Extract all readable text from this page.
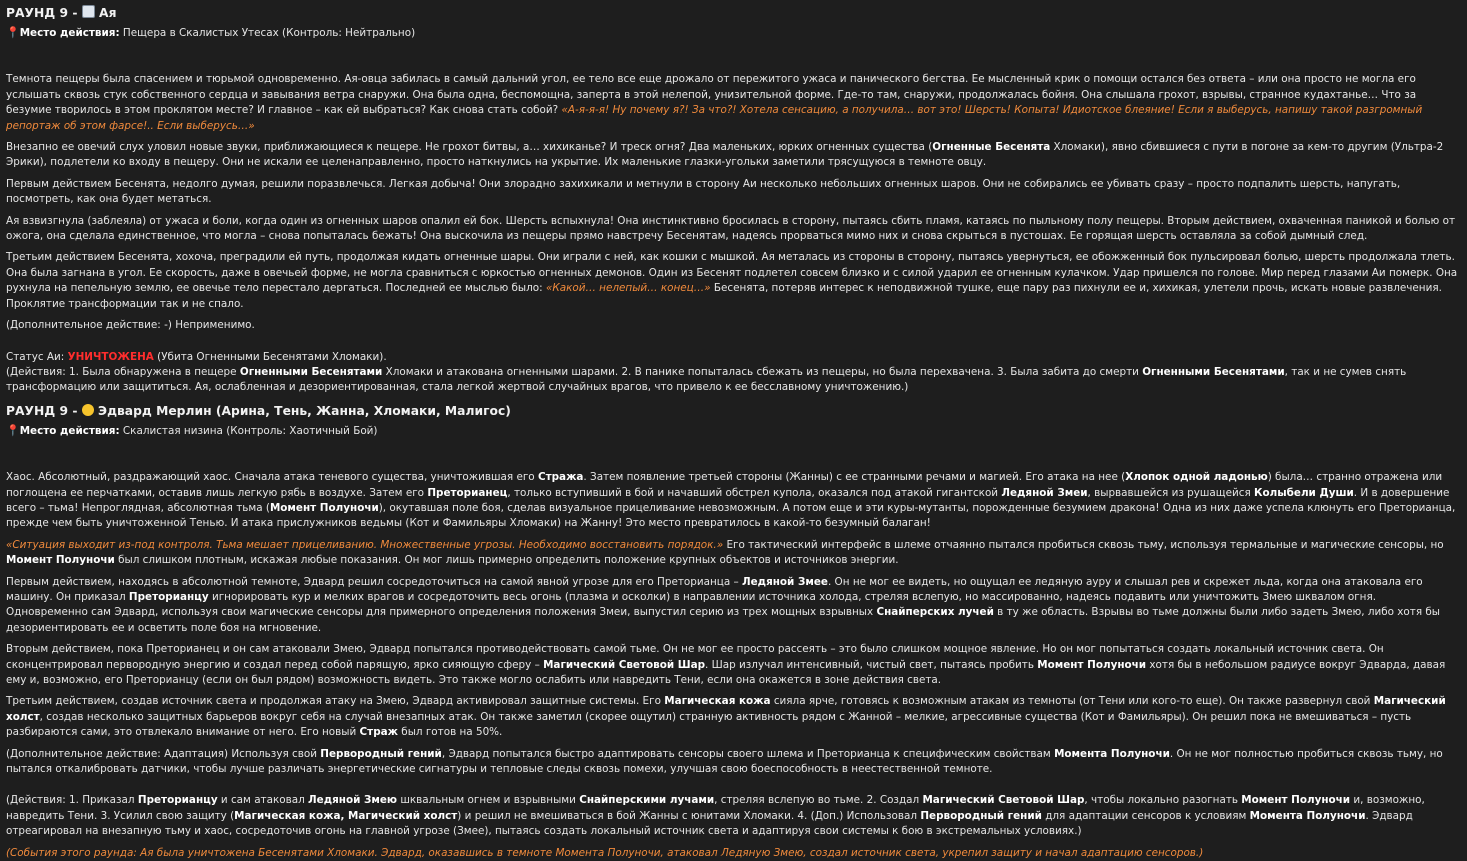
РАУНД 9 -  Ая
📍Место действия: Пещера в Скалистых Утесах (Контроль: Нейтрально)

Темнота пещеры была спасением и тюрьмой одновременно. Ая-овца забилась в самый дальний угол, ее тело все еще дрожало от пережитого ужаса и панического бегства. Ее мысленный крик о помощи остался без ответа – или она просто не могла его услышать сквозь стук собственного сердца и завывания ветра снаружи. Она была одна, беспомощна, заперта в этой нелепой, унизительной форме. Где-то там, снаружи, продолжалась бойня. Она слышала грохот, взрывы, странное кудахтанье… Что за безумие творилось в этом проклятом месте? И главное – как ей выбраться? Как снова стать собой? «А-я-я-я! Ну почему я?! За что?! Хотела сенсацию, а получила… вот это! Шерсть! Копыта! Идиотское блеяние! Если я выберусь, напишу такой разгромный репортаж об этом фарсе!.. Если выберусь…»

Внезапно ее овечий слух уловил новые звуки, приближающиеся к пещере. Не грохот битвы, а… хихиканье? И треск огня? Два маленьких, юрких огненных существа (Огненные Бесенята Хломаки), явно сбившиеся с пути в погоне за кем-то другим (Ультра-2 Эрики), подлетели ко входу в пещеру. Они не искали ее целенаправленно, просто наткнулись на укрытие. Их маленькие глазки-угольки заметили трясущуюся в темноте овцу.

Первым действием Бесенята, недолго думая, решили поразвлечься. Легкая добыча! Они злорадно захихикали и метнули в сторону Аи несколько небольших огненных шаров. Они не собирались ее убивать сразу – просто подпалить шерсть, напугать, посмотреть, как она будет метаться.

Ая взвизгнула (заблеяла) от ужаса и боли, когда один из огненных шаров опалил ей бок. Шерсть вспыхнула! Она инстинктивно бросилась в сторону, пытаясь сбить пламя, катаясь по пыльному полу пещеры. Вторым действием, охваченная паникой и болью от ожога, она сделала единственное, что могла – снова попыталась бежать! Она выскочила из пещеры прямо навстречу Бесенятам, надеясь прорваться мимо них и снова скрыться в пустошах. Ее горящая шерсть оставляла за собой дымный след.

Третьим действием Бесенята, хохоча, преградили ей путь, продолжая кидать огненные шары. Они играли с ней, как кошки с мышкой. Ая металась из стороны в сторону, пытаясь увернуться, ее обожженный бок пульсировал болью, шерсть продолжала тлеть. Она была загнана в угол. Ее скорость, даже в овечьей форме, не могла сравниться с юркостью огненных демонов. Один из Бесенят подлетел совсем близко и с силой ударил ее огненным кулачком. Удар пришелся по голове. Мир перед глазами Аи померк. Она рухнула на пепельную землю, ее овечье тело перестало дергаться. Последней ее мыслью было: «Какой… нелепый… конец…» Бесенята, потеряв интерес к неподвижной тушке, еще пару раз пихнули ее и, хихикая, улетели прочь, искать новые развлечения. Проклятие трансформации так и не спало.

(Дополнительное действие: -) Неприменимо.

Статус Аи: УНИЧТОЖЕНА (Убита Огненными Бесенятами Хломаки).

(Действия: 1. Была обнаружена в пещере Огненными Бесенятами Хломаки и атакована огненными шарами. 2. В панике попыталась сбежать из пещеры, но была перехвачена. 3. Была забита до смерти Огненными Бесенятами, так и не сумев снять трансформацию или защититься. Ая, ослабленная и дезориентированная, стала легкой жертвой случайных врагов, что привело к ее бесславному уничтожению.)

РАУНД 9 -  Эдвард Мерлин (Арина, Тень, Жанна, Хломаки, Малигос)
📍Место действия: Скалистая низина (Контроль: Хаотичный Бой)

Хаос. Абсолютный, раздражающий хаос. Сначала атака теневого существа, уничтожившая его Стража. Затем появление третьей стороны (Жанны) с ее странными речами и магией. Его атака на нее (Хлопок одной ладонью) была… странно отражена или поглощена ее перчатками, оставив лишь легкую рябь в воздухе. Затем его Преторианец, только вступивший в бой и начавший обстрел купола, оказался под атакой гигантской Ледяной Змеи, вырвавшейся из рушащейся Колыбели Души. И в довершение всего – тьма! Непроглядная, абсолютная тьма (Момент Полуночи), окутавшая поле боя, сделав визуальное прицеливание невозможным. А потом еще и эти куры-мутанты, порожденные безумием дракона! Одна из них даже успела клюнуть его Преторианца, прежде чем быть уничтоженной Тенью. И атака прислужников ведьмы (Кот и Фамильяры Хломаки) на Жанну! Это место превратилось в какой-то безумный балаган!

«Ситуация выходит из-под контроля. Тьма мешает прицеливанию. Множественные угрозы. Необходимо восстановить порядок.» Его тактический интерфейс в шлеме отчаянно пытался пробиться сквозь тьму, используя термальные и магические сенсоры, но Момент Полуночи был слишком плотным, искажая любые показания. Он мог лишь примерно определить положение крупных объектов и источников энергии.

Первым действием, находясь в абсолютной темноте, Эдвард решил сосредоточиться на самой явной угрозе для его Преторианца – Ледяной Змее. Он не мог ее видеть, но ощущал ее ледяную ауру и слышал рев и скрежет льда, когда она атаковала его машину. Он приказал Преторианцу игнорировать кур и мелких врагов и сосредоточить весь огонь (плазма и осколки) в направлении источника холода, стреляя вслепую, но массированно, надеясь подавить или уничтожить Змею шквалом огня. Одновременно сам Эдвард, используя свои магические сенсоры для примерного определения положения Змеи, выпустил серию из трех мощных взрывных Снайперских лучей в ту же область. Взрывы во тьме должны были либо задеть Змею, либо хотя бы дезориентировать ее и осветить поле боя на мгновение.

Вторым действием, пока Преторианец и он сам атаковали Змею, Эдвард попытался противодействовать самой тьме. Он не мог ее просто рассеять – это было слишком мощное явление. Но он мог попытаться создать локальный источник света. Он сконцентрировал первородную энергию и создал перед собой парящую, ярко сияющую сферу – Магический Световой Шар. Шар излучал интенсивный, чистый свет, пытаясь пробить Момент Полуночи хотя бы в небольшом радиусе вокруг Эдварда, давая ему и, возможно, его Преторианцу (если он был рядом) возможность видеть. Это также могло ослабить или навредить Тени, если она окажется в зоне действия света.

Третьим действием, создав источник света и продолжая атаку на Змею, Эдвард активировал защитные системы. Его Магическая кожа сияла ярче, готовясь к возможным атакам из темноты (от Тени или кого-то еще). Он также развернул свой Магический холст, создав несколько защитных барьеров вокруг себя на случай внезапных атак. Он также заметил (скорее ощутил) странную активность рядом с Жанной – мелкие, агрессивные существа (Кот и Фамильяры). Он решил пока не вмешиваться – пусть разбираются сами, это отвлекало внимание от него. Его новый Страж был готов на 50%.

(Дополнительное действие: Адаптация) Используя свой Первородный гений, Эдвард попытался быстро адаптировать сенсоры своего шлема и Преторианца к специфическим свойствам Момента Полуночи. Он не мог полностью пробиться сквозь тьму, но пытался откалибровать датчики, чтобы лучше различать энергетические сигнатуры и тепловые следы сквозь помехи, улучшая свою боеспособность в неестественной темноте.

(Действия: 1. Приказал Преторианцу и сам атаковал Ледяной Змею шквальным огнем и взрывными Снайперскими лучами, стреляя вслепую во тьме. 2. Создал Магический Световой Шар, чтобы локально разогнать Момент Полуночи и, возможно, навредить Тени. 3. Усилил свою защиту (Магическая кожа, Магический холст) и решил не вмешиваться в бой Жанны с юнитами Хломаки. 4. (Доп.) Использовал Первородный гений для адаптации сенсоров к условиям Момента Полуночи. Эдвард отреагировал на внезапную тьму и хаос, сосредоточив огонь на главной угрозе (Змее), пытаясь создать локальный источник света и адаптируя свои системы к бою в экстремальных условиях.)

(События этого раунда: Ая была уничтожена Бесенятами Хломаки. Эдвард, оказавшись в темноте Момента Полуночи, атаковал Ледяную Змею, создал источник света, укрепил защиту и начал адаптацию сенсоров.)
